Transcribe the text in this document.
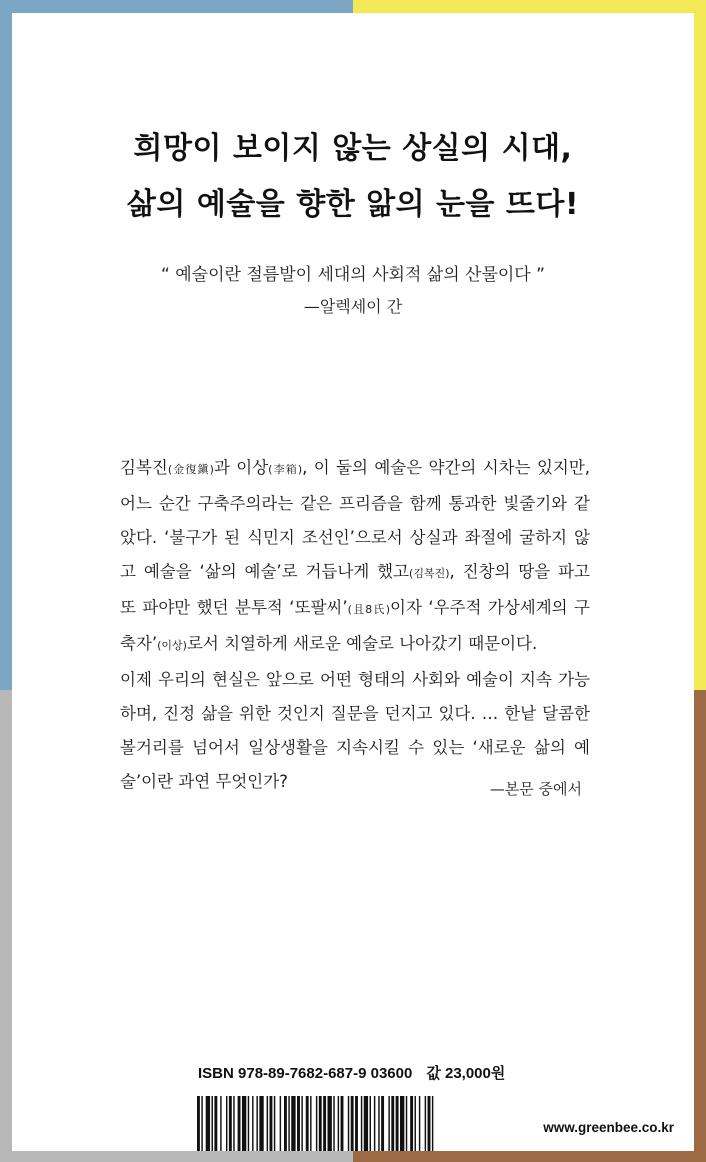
희망이 보이지 않는 상실의 시대,
삶의 예술을 향한 앎의 눈을 뜨다!
“ 예술이란 절름발이 세대의 사회적 삶의 산물이다 ”
—알렉세이 간

김복진(金復鎭)과 이상(李箱), 이 둘의 예술은 약간의 시차는 있지만, 어느 순간 구축주의라는 같은 프리즘을 함께 통과한 빛줄기와 같았다. ‘불구가 된 식민지 조선인’으로서 상실과 좌절에 굴하지 않고 예술을 ‘삶의 예술’로 거듭나게 했고(김복진), 진창의 땅을 파고 또 파야만 했던 분투적 ‘또팔씨’(且8氏)이자 ‘우주적 가상세계의 구축자’(이상)로서 치열하게 새로운 예술로 나아갔기 때문이다.

이제 우리의 현실은 앞으로 어떤 형태의 사회와 예술이 지속 가능하며, 진정 삶을 위한 것인지 질문을 던지고 있다. … 한낱 달콤한 볼거리를 넘어서 일상생활을 지속시킬 수 있는 ‘새로운 삶의 예술’이란 과연 무엇인가?	—본문 중에서
ISBN 978-89-7682-687-9 03600 값 23,000원
www.greenbee.co.kr
